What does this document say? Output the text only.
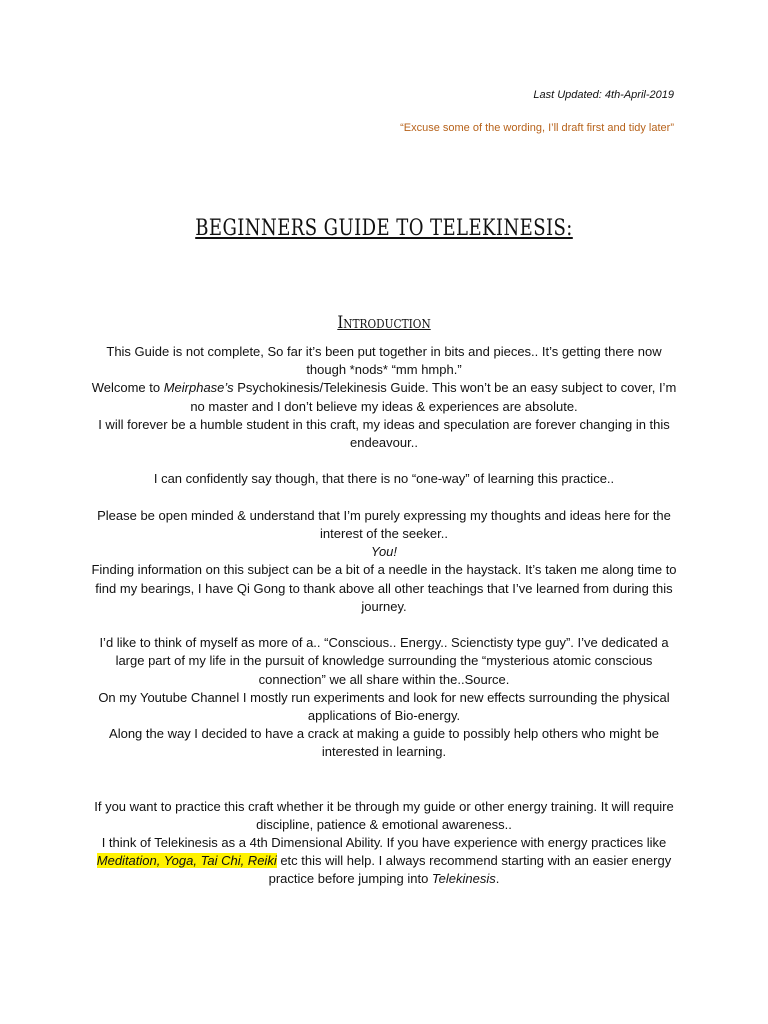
Last Updated: 4th-April-2019
“Excuse some of the wording, I’ll draft first and tidy later”
BEGINNERS GUIDE TO TELEKINESIS:
Introduction

This Guide is not complete, So far it’s been put together in bits and pieces.. It’s getting there now though *nods* “mm hmph.”

Welcome to Meirphase’s Psychokinesis/Telekinesis Guide. This won’t be an easy subject to cover, I’m no master and I don’t believe my ideas & experiences are absolute.

I will forever be a humble student in this craft, my ideas and speculation are forever changing in this endeavour..

I can confidently say though, that there is no “one-way” of learning this practice..

Please be open minded & understand that I’m purely expressing my thoughts and ideas here for the interest of the seeker..

You!

Finding information on this subject can be a bit of a needle in the haystack. It’s taken me along time to find my bearings, I have Qi Gong to thank above all other teachings that I’ve learned from during this journey.

I’d like to think of myself as more of a.. “Conscious.. Energy.. Scienctisty type guy”. I’ve dedicated a large part of my life in the pursuit of knowledge surrounding the “mysterious atomic conscious connection” we all share within the..Source.

On my Youtube Channel I mostly run experiments and look for new effects surrounding the physical applications of Bio-energy.

Along the way I decided to have a crack at making a guide to possibly help others who might be interested in learning.

If you want to practice this craft whether it be through my guide or other energy training. It will require discipline, patience & emotional awareness..

I think of Telekinesis as a 4th Dimensional Ability. If you have experience with energy practices like Meditation, Yoga, Tai Chi, Reiki etc this will help. I always recommend starting with an easier energy practice before jumping into Telekinesis.
